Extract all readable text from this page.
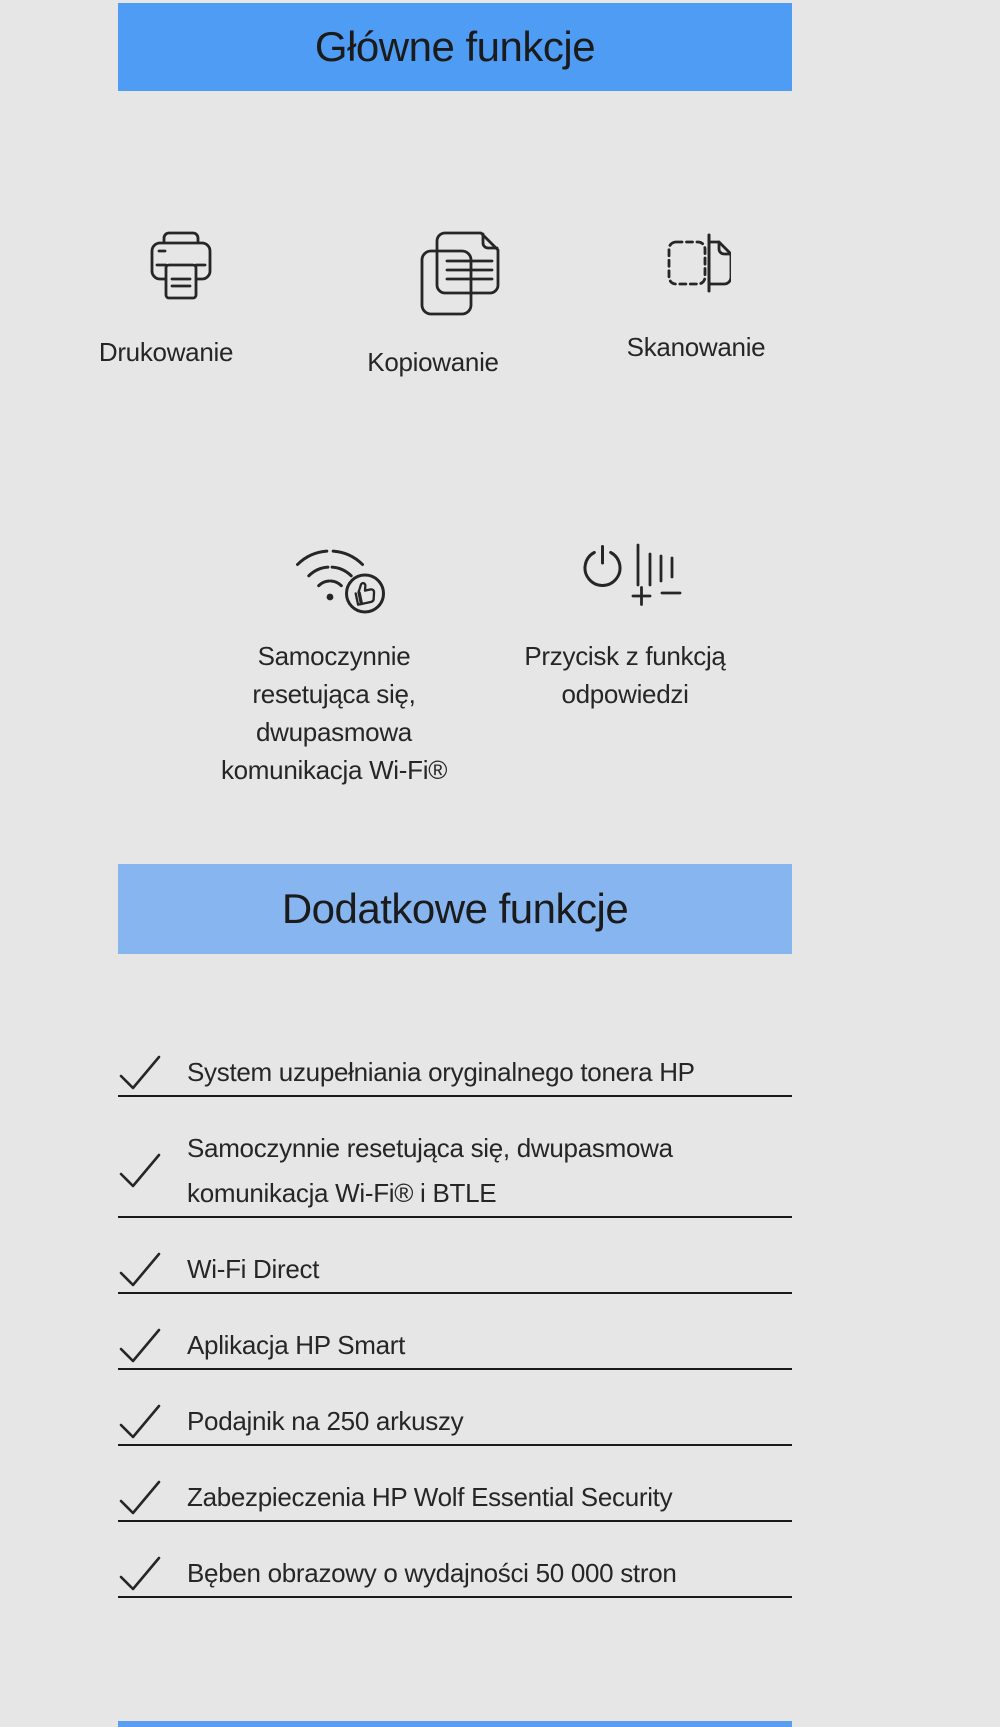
Główne funkcje
Drukowanie	Kopiowanie	Skanowanie
Samoczynnie resetująca się, dwupasmowa komunikacja Wi-Fi®
Przycisk z funkcją odpowiedzi
Dodatkowe funkcje
System uzupełniania oryginalnego tonera HP
Samoczynnie resetująca się, dwupasmowa komunikacja Wi-Fi® i BTLE
Wi-Fi Direct
Aplikacja HP Smart
Podajnik na 250 arkuszy
Zabezpieczenia HP Wolf Essential Security
Bęben obrazowy o wydajności 50 000 stron
